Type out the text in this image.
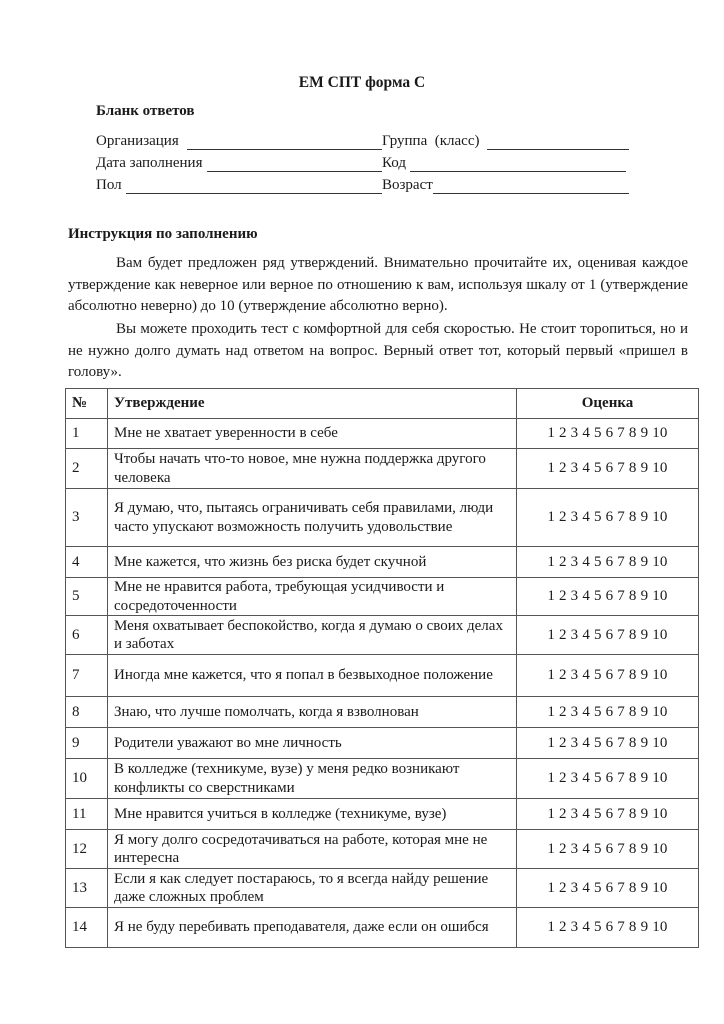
ЕМ СПТ форма С
Бланк ответов
Организация	Группа  (класс)
Дата заполнения	Код
Пол	Возраст
Инструкция по заполнению
Вам будет предложен ряд утверждений. Внимательно прочитайте их, оценивая каждое утверждение как неверное или верное по отношению к вам, используя шкалу от 1 (утверждение абсолютно неверно) до 10 (утверждение абсолютно верно).
Вы можете проходить тест с комфортной для себя скоростью. Не стоит торопиться, но и не нужно долго думать над ответом на вопрос. Верный ответ тот, который первый «пришел в голову».
№	Утверждение	Оценка
1	Мне не хватает уверенности в себе	1 2 3 4 5 6 7 8 9 10
2	Чтобы начать что-то новое, мне нужна поддержка другого человека	1 2 3 4 5 6 7 8 9 10
3	Я думаю, что, пытаясь ограничивать себя правилами, люди часто упускают возможность получить удовольствие	1 2 3 4 5 6 7 8 9 10
4	Мне кажется, что жизнь без риска будет скучной	1 2 3 4 5 6 7 8 9 10
5	Мне не нравится работа, требующая усидчивости и сосредоточенности	1 2 3 4 5 6 7 8 9 10
6	Меня охватывает беспокойство, когда я думаю о своих делах и заботах	1 2 3 4 5 6 7 8 9 10
7	Иногда мне кажется, что я попал в безвыходное положение	1 2 3 4 5 6 7 8 9 10
8	Знаю, что лучше помолчать, когда я взволнован	1 2 3 4 5 6 7 8 9 10
9	Родители уважают во мне личность	1 2 3 4 5 6 7 8 9 10
10	В колледже (техникуме, вузе) у меня редко возникают конфликты со сверстниками	1 2 3 4 5 6 7 8 9 10
11	Мне нравится учиться в колледже (техникуме, вузе)	1 2 3 4 5 6 7 8 9 10
12	Я могу долго сосредотачиваться на работе, которая мне не интересна	1 2 3 4 5 6 7 8 9 10
13	Если я как следует постараюсь, то я всегда найду решение даже сложных проблем	1 2 3 4 5 6 7 8 9 10
14	Я не буду перебивать преподавателя, даже если он ошибся	1 2 3 4 5 6 7 8 9 10
